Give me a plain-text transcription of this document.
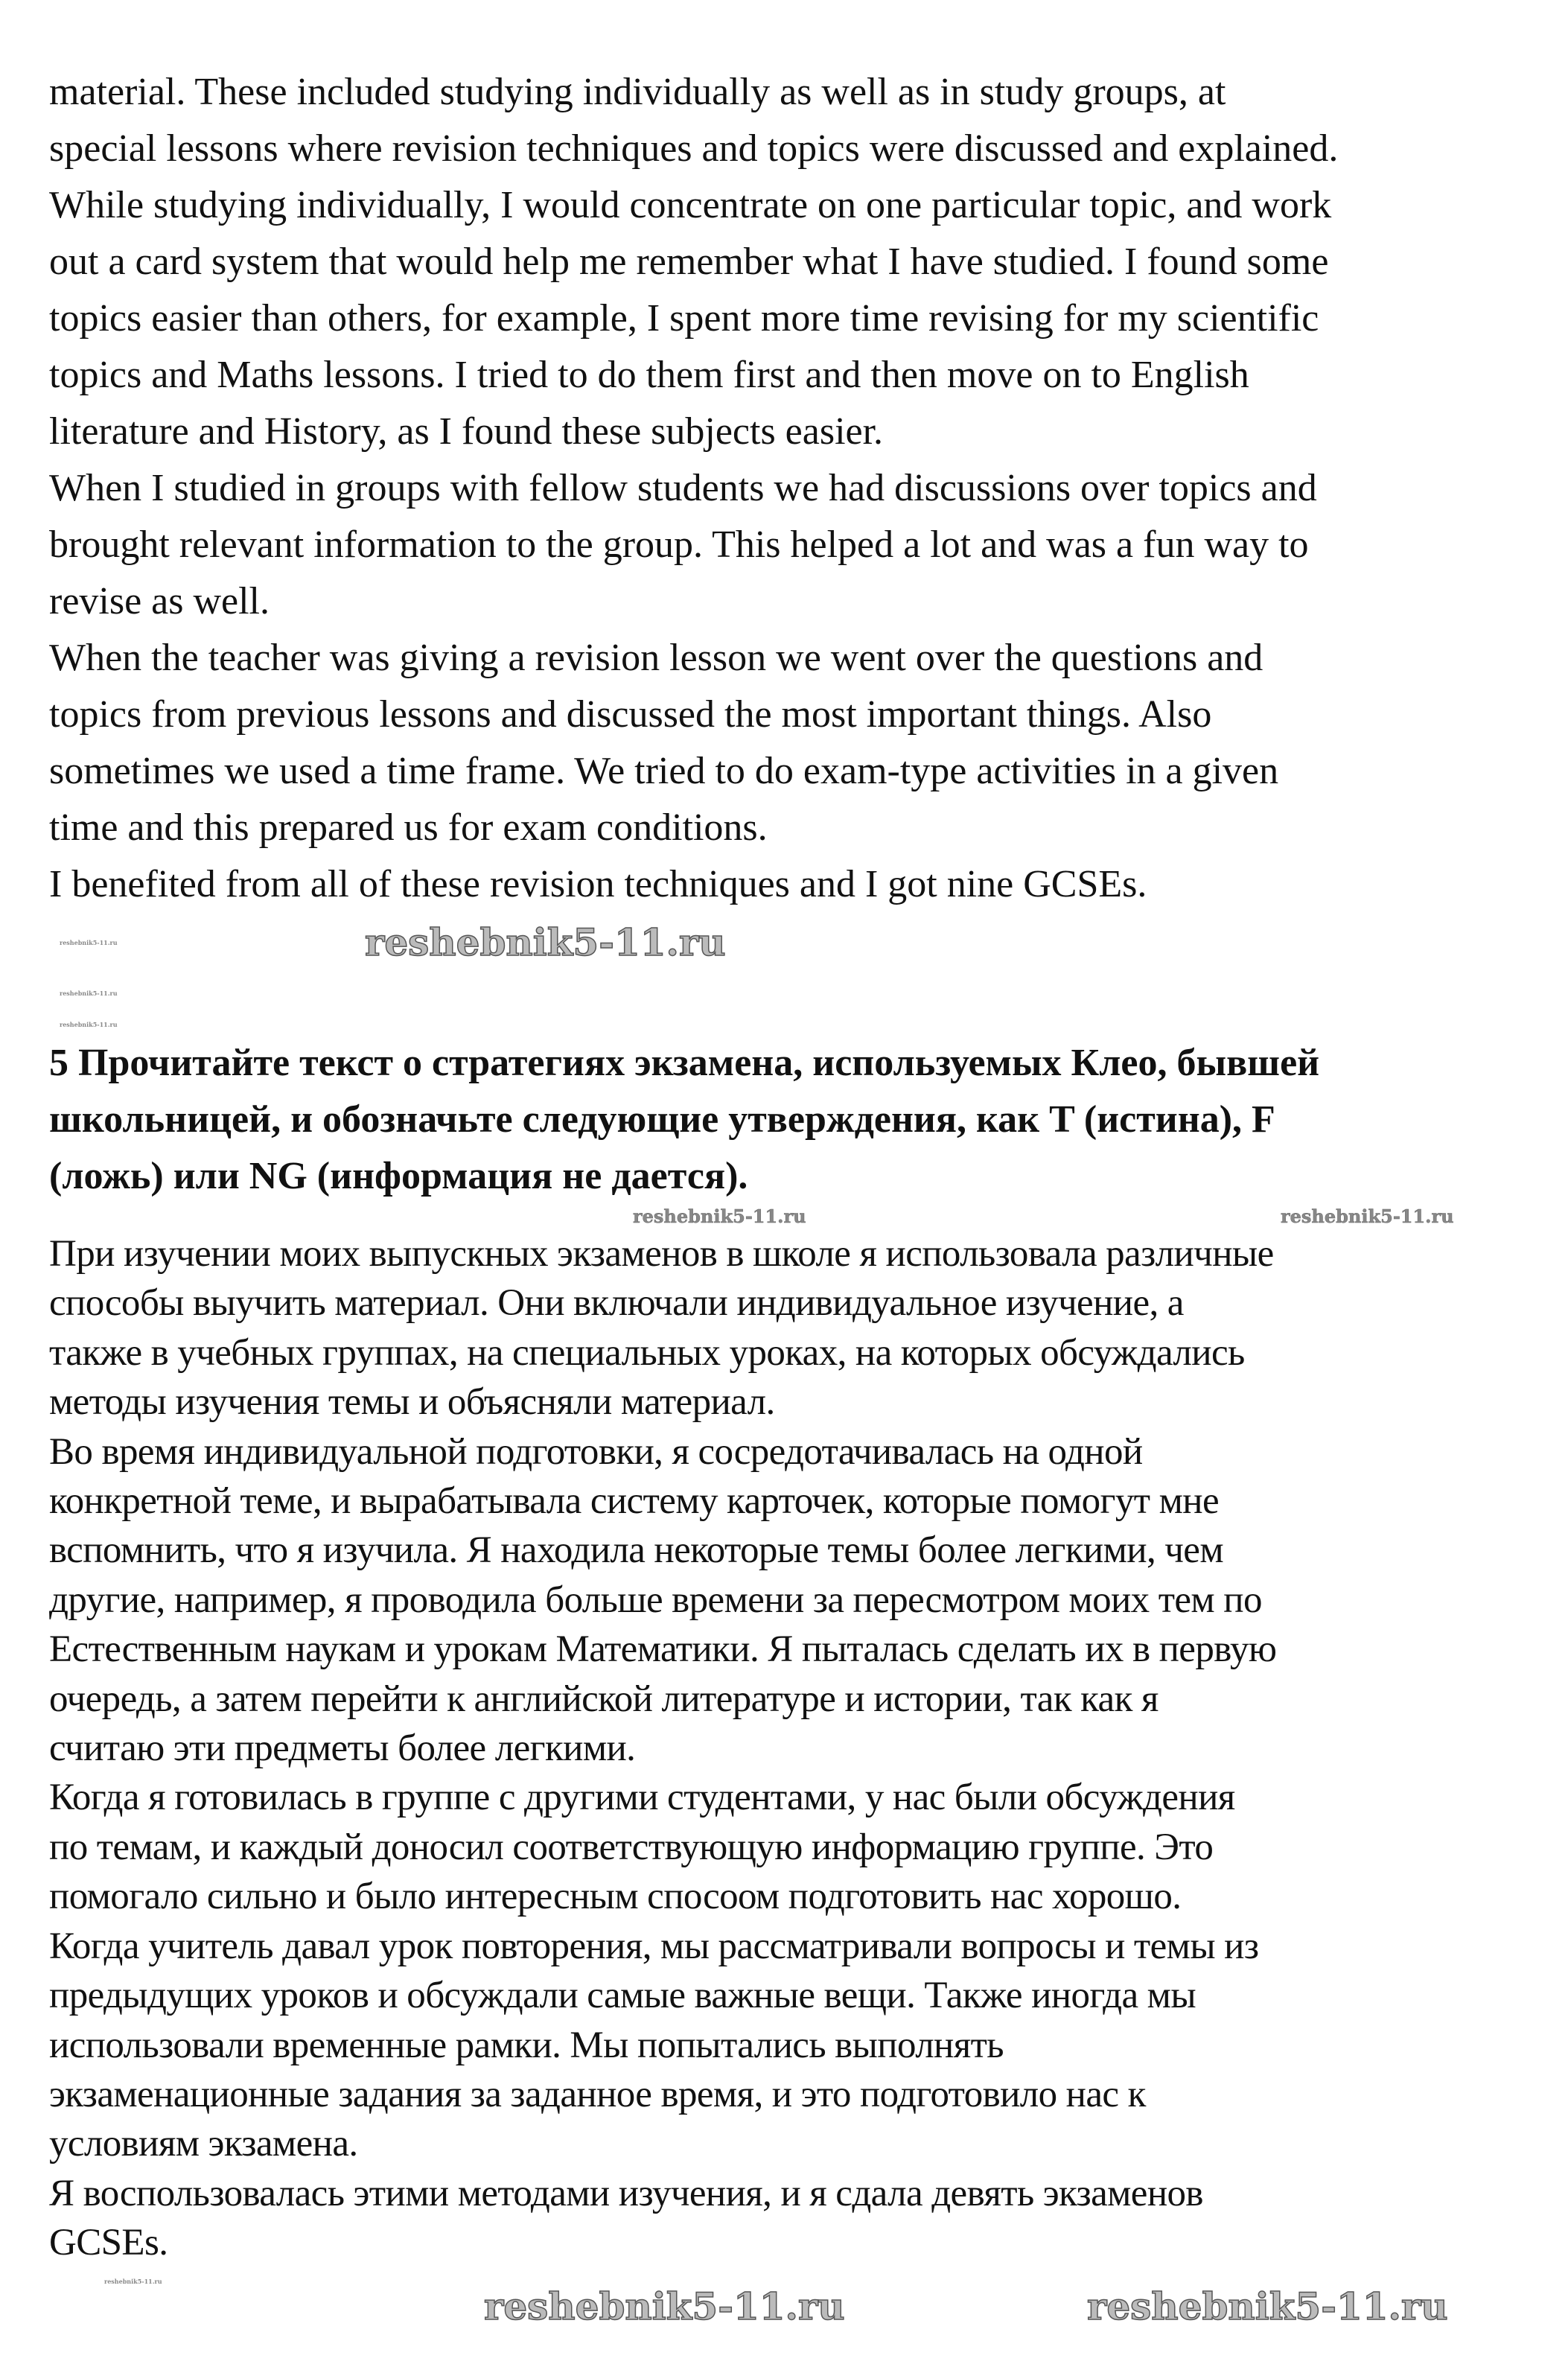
material. These included studying individually as well as in study groups, at
special lessons where revision techniques and topics were discussed and explained.
While studying individually, I would concentrate on one particular topic, and work
out a card system that would help me remember what I have studied. I found some
topics easier than others, for example, I spent more time revising for my scientific
topics and Maths lessons. I tried to do them first and then move on to English
literature and History, as I found these subjects easier.
When I studied in groups with fellow students we had discussions over topics and
brought relevant information to the group. This helped a lot and was a fun way to
revise as well.
When the teacher was giving a revision lesson we went over the questions and
topics from previous lessons and discussed the most important things. Also
sometimes we used a time frame. We tried to do exam-type activities in a given
time and this prepared us for exam conditions.
I benefited from all of these revision techniques and I got nine GCSEs.
5 Прочитайте текст о стратегиях экзамена, используемых Клео, бывшей
школьницей, и обозначьте следующие утверждения, как T (истина), F
(ложь) или NG (информация не дается).
При изучении моих выпускных экзаменов в школе я использовала различные
способы выучить материал. Они включали индивидуальное изучение, а
также в учебных группах, на специальных уроках, на которых обсуждались
методы изучения темы и объясняли материал.
Во время индивидуальной подготовки, я сосредотачивалась на одной
конкретной теме, и вырабатывала систему карточек, которые помогут мне
вспомнить, что я изучила. Я находила некоторые темы более легкими, чем
другие, например, я проводила больше времени за пересмотром моих тем по
Естественным наукам и урокам Математики. Я пыталась сделать их в первую
очередь, а затем перейти к английской литературе и истории, так как я
считаю эти предметы более легкими.
Когда я готовилась в группе с другими студентами, у нас были обсуждения
по темам, и каждый доносил соответствующую информацию группе. Это
помогало сильно и было интересным спосоом подготовить нас хорошо.
Когда учитель давал урок повторения, мы рассматривали вопросы и темы из
предыдущих уроков и обсуждали самые важные вещи. Также иногда мы
использовали временные рамки. Мы попытались выполнять
экзаменационные задания за заданное время, и это подготовило нас к
условиям экзамена.
Я воспользовалась этими методами изучения, и я сдала девять экзаменов
GCSEs.
reshebnik5-11.ru
reshebnik5-11.ru
reshebnik5-11.ru
reshebnik5-11.ru
reshebnik5-11.ru	reshebnik5-11.ru
reshebnik5-11.ru	reshebnik5-11.ru
reshebnik5-11.ru
